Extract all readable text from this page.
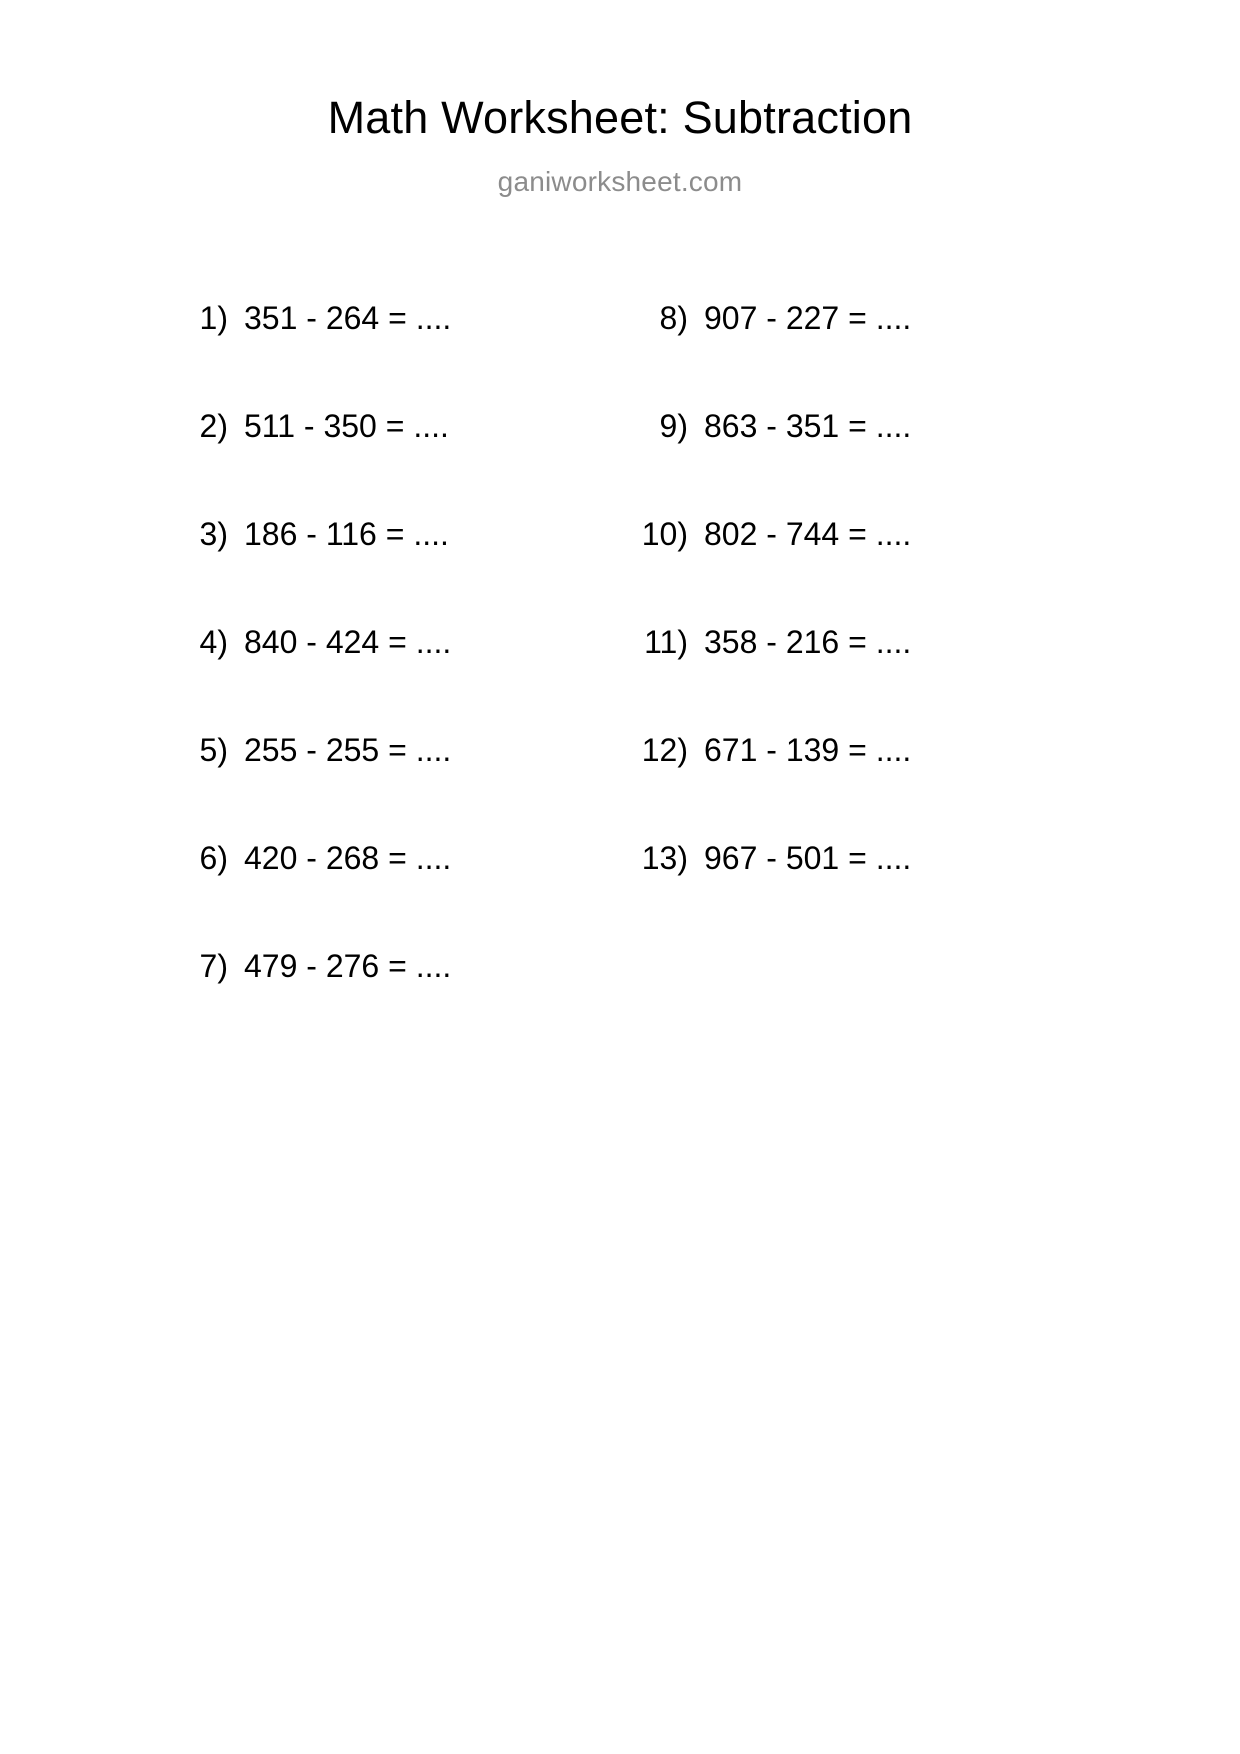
Math Worksheet: Subtraction
ganiworksheet.com
1) 351 - 264 = ....
2) 511 - 350 = ....
3) 186 - 116 = ....
4) 840 - 424 = ....
5) 255 - 255 = ....
6) 420 - 268 = ....
7) 479 - 276 = ....
8) 907 - 227 = ....
9) 863 - 351 = ....
10) 802 - 744 = ....
11) 358 - 216 = ....
12) 671 - 139 = ....
13) 967 - 501 = ....
